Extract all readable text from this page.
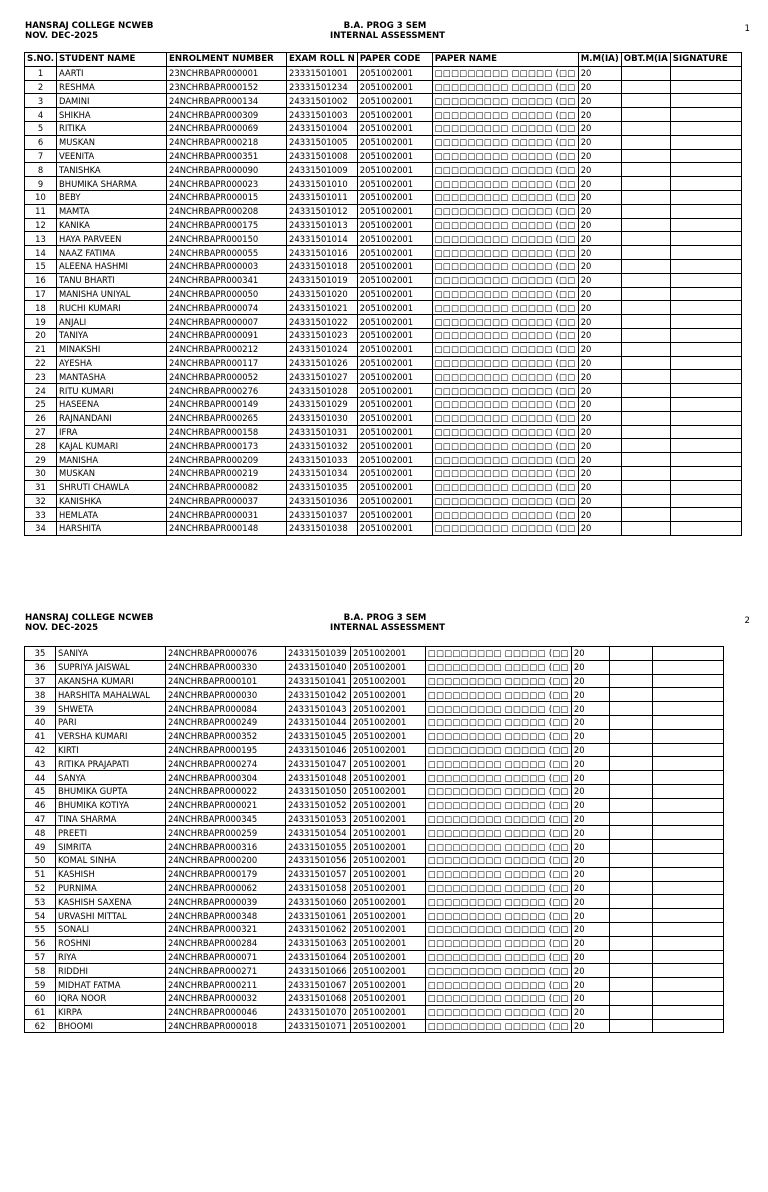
HANSRAJ COLLEGE NCWEB
NOV. DEC-2025
B.A. PROG 3 SEM
INTERNAL ASSESSMENT
1
S.NO.	STUDENT NAME	ENROLMENT NUMBER	EXAM ROLL N	PAPER CODE	PAPER NAME	M.M(IA)	OBT.M(IA	SIGNATURE
1	AARTI	23NCHRBAPR000001	23331501001	2051002001	□□□□□□□□□ □□□□□ (□□	20		
2	RESHMA	23NCHRBAPR000152	23331501234	2051002001	□□□□□□□□□ □□□□□ (□□	20		
3	DAMINI	24NCHRBAPR000134	24331501002	2051002001	□□□□□□□□□ □□□□□ (□□	20		
4	SHIKHA	24NCHRBAPR000309	24331501003	2051002001	□□□□□□□□□ □□□□□ (□□	20		
5	RITIKA	24NCHRBAPR000069	24331501004	2051002001	□□□□□□□□□ □□□□□ (□□	20		
6	MUSKAN	24NCHRBAPR000218	24331501005	2051002001	□□□□□□□□□ □□□□□ (□□	20		
7	VEENITA	24NCHRBAPR000351	24331501008	2051002001	□□□□□□□□□ □□□□□ (□□	20		
8	TANISHKA	24NCHRBAPR000090	24331501009	2051002001	□□□□□□□□□ □□□□□ (□□	20		
9	BHUMIKA SHARMA	24NCHRBAPR000023	24331501010	2051002001	□□□□□□□□□ □□□□□ (□□	20		
10	BEBY	24NCHRBAPR000015	24331501011	2051002001	□□□□□□□□□ □□□□□ (□□	20		
11	MAMTA	24NCHRBAPR000208	24331501012	2051002001	□□□□□□□□□ □□□□□ (□□	20		
12	KANIKA	24NCHRBAPR000175	24331501013	2051002001	□□□□□□□□□ □□□□□ (□□	20		
13	HAYA PARVEEN	24NCHRBAPR000150	24331501014	2051002001	□□□□□□□□□ □□□□□ (□□	20		
14	NAAZ FATIMA	24NCHRBAPR000055	24331501016	2051002001	□□□□□□□□□ □□□□□ (□□	20		
15	ALEENA HASHMI	24NCHRBAPR000003	24331501018	2051002001	□□□□□□□□□ □□□□□ (□□	20		
16	TANU BHARTI	24NCHRBAPR000341	24331501019	2051002001	□□□□□□□□□ □□□□□ (□□	20		
17	MANISHA UNIYAL	24NCHRBAPR000050	24331501020	2051002001	□□□□□□□□□ □□□□□ (□□	20		
18	RUCHI KUMARI	24NCHRBAPR000074	24331501021	2051002001	□□□□□□□□□ □□□□□ (□□	20		
19	ANJALI	24NCHRBAPR000007	24331501022	2051002001	□□□□□□□□□ □□□□□ (□□	20		
20	TANIYA	24NCHRBAPR000091	24331501023	2051002001	□□□□□□□□□ □□□□□ (□□	20		
21	MINAKSHI	24NCHRBAPR000212	24331501024	2051002001	□□□□□□□□□ □□□□□ (□□	20		
22	AYESHA	24NCHRBAPR000117	24331501026	2051002001	□□□□□□□□□ □□□□□ (□□	20		
23	MANTASHA	24NCHRBAPR000052	24331501027	2051002001	□□□□□□□□□ □□□□□ (□□	20		
24	RITU KUMARI	24NCHRBAPR000276	24331501028	2051002001	□□□□□□□□□ □□□□□ (□□	20		
25	HASEENA	24NCHRBAPR000149	24331501029	2051002001	□□□□□□□□□ □□□□□ (□□	20		
26	RAJNANDANI	24NCHRBAPR000265	24331501030	2051002001	□□□□□□□□□ □□□□□ (□□	20		
27	IFRA	24NCHRBAPR000158	24331501031	2051002001	□□□□□□□□□ □□□□□ (□□	20		
28	KAJAL KUMARI	24NCHRBAPR000173	24331501032	2051002001	□□□□□□□□□ □□□□□ (□□	20		
29	MANISHA	24NCHRBAPR000209	24331501033	2051002001	□□□□□□□□□ □□□□□ (□□	20		
30	MUSKAN	24NCHRBAPR000219	24331501034	2051002001	□□□□□□□□□ □□□□□ (□□	20		
31	SHRUTI CHAWLA	24NCHRBAPR000082	24331501035	2051002001	□□□□□□□□□ □□□□□ (□□	20		
32	KANISHKA	24NCHRBAPR000037	24331501036	2051002001	□□□□□□□□□ □□□□□ (□□	20		
33	HEMLATA	24NCHRBAPR000031	24331501037	2051002001	□□□□□□□□□ □□□□□ (□□	20		
34	HARSHITA	24NCHRBAPR000148	24331501038	2051002001	□□□□□□□□□ □□□□□ (□□	20		
HANSRAJ COLLEGE NCWEB
NOV. DEC-2025
B.A. PROG 3 SEM
INTERNAL ASSESSMENT
2
35	SANIYA	24NCHRBAPR000076	24331501039	2051002001	□□□□□□□□□ □□□□□ (□□	20		
36	SUPRIYA JAISWAL	24NCHRBAPR000330	24331501040	2051002001	□□□□□□□□□ □□□□□ (□□	20		
37	AKANSHA KUMARI	24NCHRBAPR000101	24331501041	2051002001	□□□□□□□□□ □□□□□ (□□	20		
38	HARSHITA MAHALWAL	24NCHRBAPR000030	24331501042	2051002001	□□□□□□□□□ □□□□□ (□□	20		
39	SHWETA	24NCHRBAPR000084	24331501043	2051002001	□□□□□□□□□ □□□□□ (□□	20		
40	PARI	24NCHRBAPR000249	24331501044	2051002001	□□□□□□□□□ □□□□□ (□□	20		
41	VERSHA KUMARI	24NCHRBAPR000352	24331501045	2051002001	□□□□□□□□□ □□□□□ (□□	20		
42	KIRTI	24NCHRBAPR000195	24331501046	2051002001	□□□□□□□□□ □□□□□ (□□	20		
43	RITIKA PRAJAPATI	24NCHRBAPR000274	24331501047	2051002001	□□□□□□□□□ □□□□□ (□□	20		
44	SANYA	24NCHRBAPR000304	24331501048	2051002001	□□□□□□□□□ □□□□□ (□□	20		
45	BHUMIKA GUPTA	24NCHRBAPR000022	24331501050	2051002001	□□□□□□□□□ □□□□□ (□□	20		
46	BHUMIKA KOTIYA	24NCHRBAPR000021	24331501052	2051002001	□□□□□□□□□ □□□□□ (□□	20		
47	TINA SHARMA	24NCHRBAPR000345	24331501053	2051002001	□□□□□□□□□ □□□□□ (□□	20		
48	PREETI	24NCHRBAPR000259	24331501054	2051002001	□□□□□□□□□ □□□□□ (□□	20		
49	SIMRITA	24NCHRBAPR000316	24331501055	2051002001	□□□□□□□□□ □□□□□ (□□	20		
50	KOMAL SINHA	24NCHRBAPR000200	24331501056	2051002001	□□□□□□□□□ □□□□□ (□□	20		
51	KASHISH	24NCHRBAPR000179	24331501057	2051002001	□□□□□□□□□ □□□□□ (□□	20		
52	PURNIMA	24NCHRBAPR000062	24331501058	2051002001	□□□□□□□□□ □□□□□ (□□	20		
53	KASHISH SAXENA	24NCHRBAPR000039	24331501060	2051002001	□□□□□□□□□ □□□□□ (□□	20		
54	URVASHI MITTAL	24NCHRBAPR000348	24331501061	2051002001	□□□□□□□□□ □□□□□ (□□	20		
55	SONALI	24NCHRBAPR000321	24331501062	2051002001	□□□□□□□□□ □□□□□ (□□	20		
56	ROSHNI	24NCHRBAPR000284	24331501063	2051002001	□□□□□□□□□ □□□□□ (□□	20		
57	RIYA	24NCHRBAPR000071	24331501064	2051002001	□□□□□□□□□ □□□□□ (□□	20		
58	RIDDHI	24NCHRBAPR000271	24331501066	2051002001	□□□□□□□□□ □□□□□ (□□	20		
59	MIDHAT FATMA	24NCHRBAPR000211	24331501067	2051002001	□□□□□□□□□ □□□□□ (□□	20		
60	IQRA NOOR	24NCHRBAPR000032	24331501068	2051002001	□□□□□□□□□ □□□□□ (□□	20		
61	KIRPA	24NCHRBAPR000046	24331501070	2051002001	□□□□□□□□□ □□□□□ (□□	20		
62	BHOOMI	24NCHRBAPR000018	24331501071	2051002001	□□□□□□□□□ □□□□□ (□□	20		
